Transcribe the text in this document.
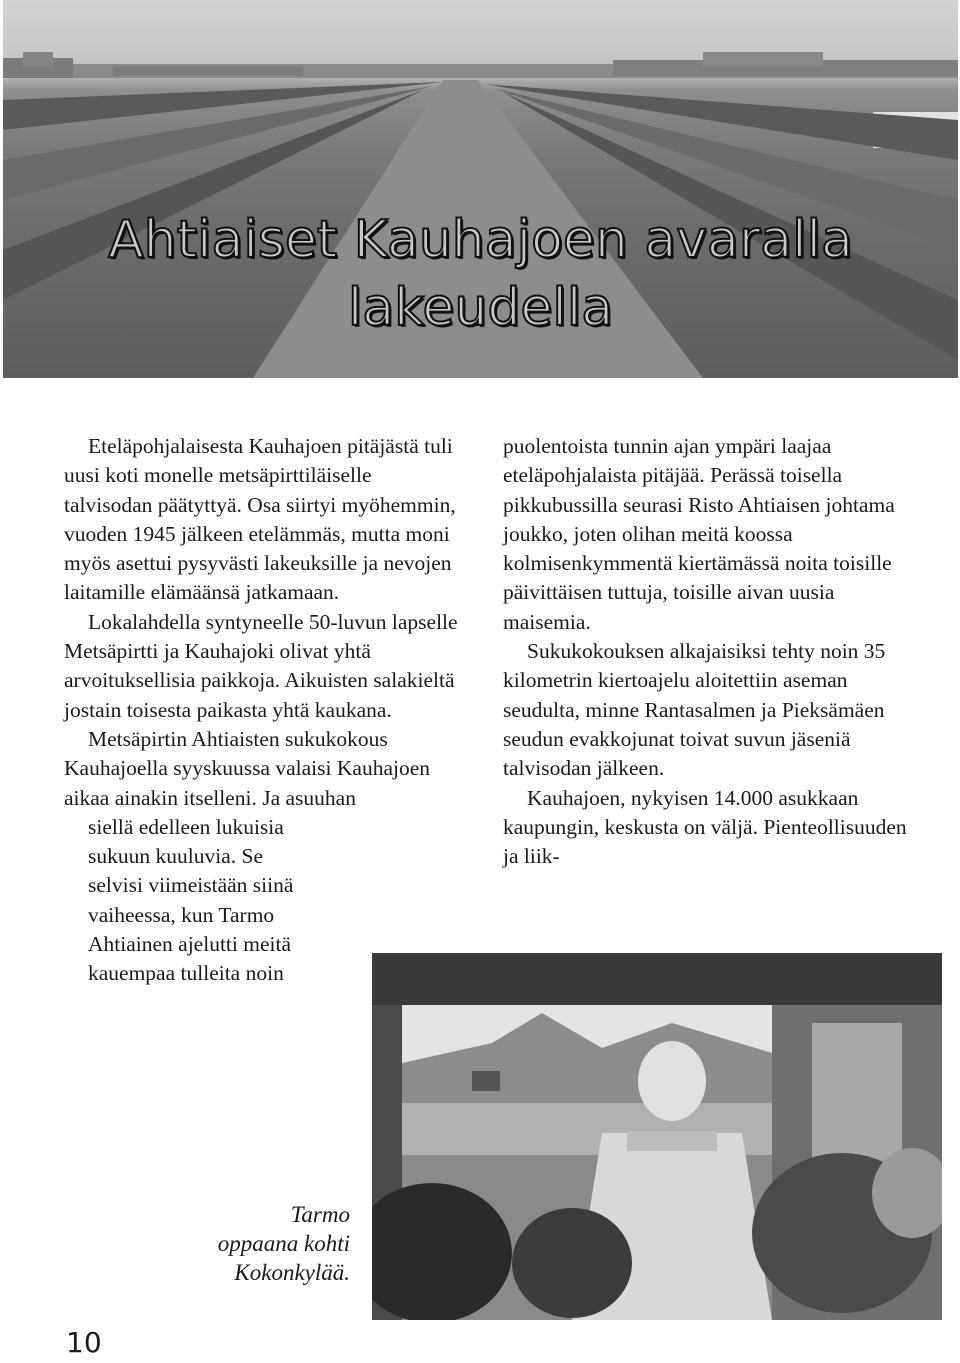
Ahtiaiset Kauhajoen avaralla
lakeudella

Eteläpohjalaisesta Kauhajoen pitäjästä tuli uusi koti monelle metsäpirttiläiselle talvisodan päätyttyä. Osa siirtyi myöhemmin, vuoden 1945 jälkeen etelämmäs, mutta moni myös asettui pysyvästi lakeuksille ja nevojen laitamille elämäänsä jatkamaan.

Lokalahdella syntyneelle 50-luvun lapselle Metsäpirtti ja Kauhajoki olivat yhtä arvoituksellisia paikkoja. Aikuisten salakieltä jostain toisesta paikasta yhtä kaukana.

Metsäpirtin Ahtiaisten sukukokous Kauhajoella syyskuussa valaisi Kauhajoen aikaa ainakin itselleni. Ja asuuhan
siellä edelleen lukuisia
sukuun kuuluvia. Se
selvisi viimeistään siinä
vaiheessa, kun Tarmo
Ahtiainen ajelutti meitä
kauempaa tulleita noin

puolentoista tunnin ajan ympäri laajaa eteläpohjalaista pitäjää. Perässä toisella pikkubussilla seurasi Risto Ahtiaisen johtama joukko, joten olihan meitä koossa kolmisenkymmentä kiertämässä noita toisille päivittäisen tuttuja, toisille aivan uusia maisemia.

Sukukokouksen alkajaisiksi tehty noin 35 kilometrin kiertoajelu aloitettiin aseman seudulta, minne Rantasalmen ja Pieksämäen seudun evakkojunat toivat suvun jäseniä talvisodan jälkeen.

Kauhajoen, nykyisen 14.000 asukkaan kaupungin, keskusta on väljä. Pienteollisuuden ja liik-

Tarmo
oppaana kohti
Kokonkylää.
10
